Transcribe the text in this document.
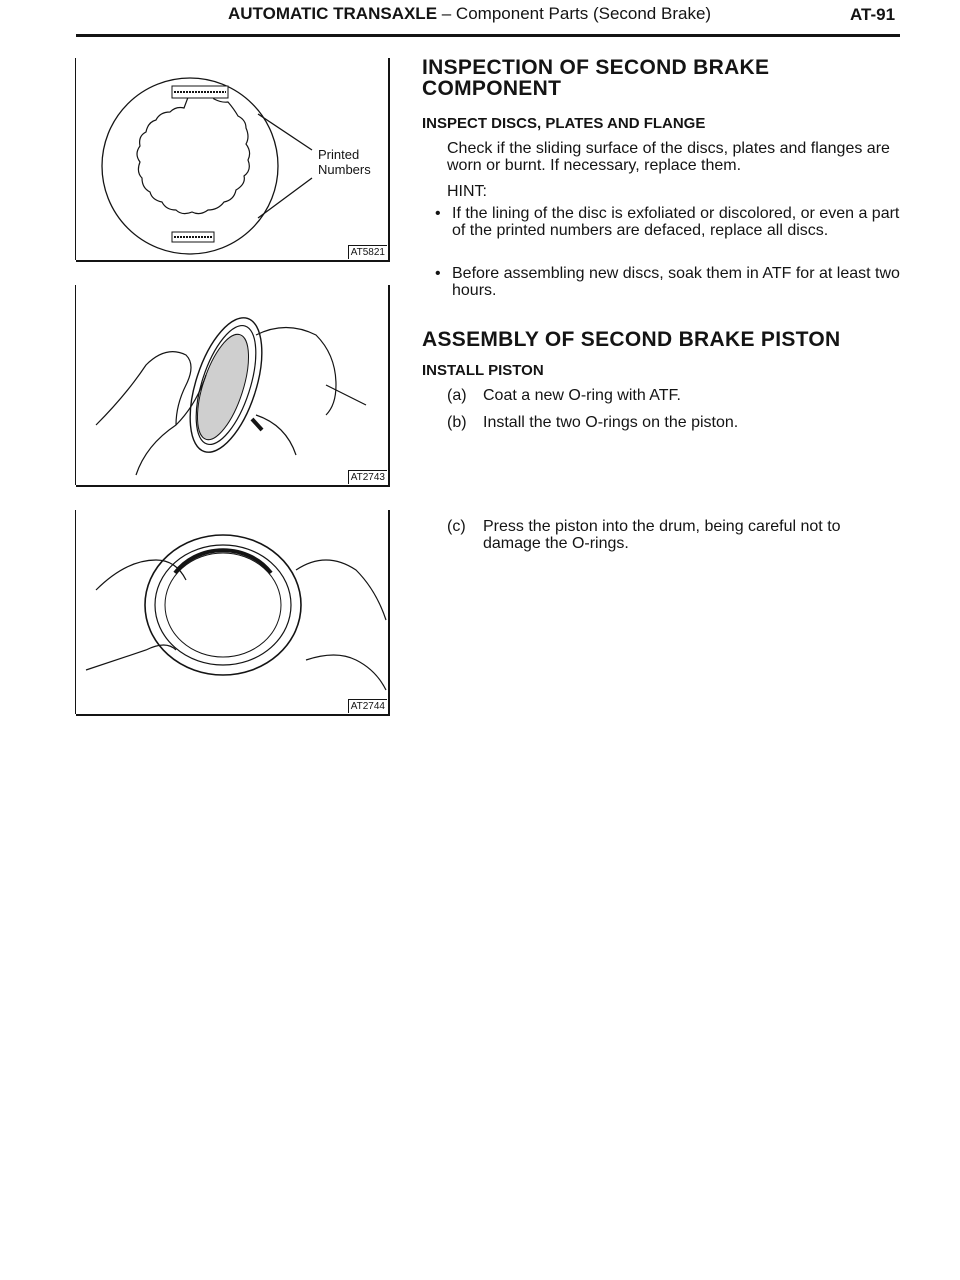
AUTOMATIC TRANSAXLE – Component Parts (Second Brake)	AT-91
Printed
Numbers
AT5821
AT2743
AT2744
INSPECTION OF SECOND BRAKE
COMPONENT
INSPECT DISCS, PLATES AND FLANGE

Check if the sliding surface of the discs, plates and flanges are worn or burnt. If necessary, replace them.

HINT:

• If the lining of the disc is exfoliated or discolored, or even a part of the printed numbers are defaced, replace all discs.

• Before assembling new discs, soak them in ATF for at least two hours.

ASSEMBLY OF SECOND BRAKE PISTON
INSTALL PISTON
(a) Coat a new O-ring with ATF.
(b) Install the two O-rings on the piston.
(c) Press the piston into the drum, being careful not to damage the O-rings.
